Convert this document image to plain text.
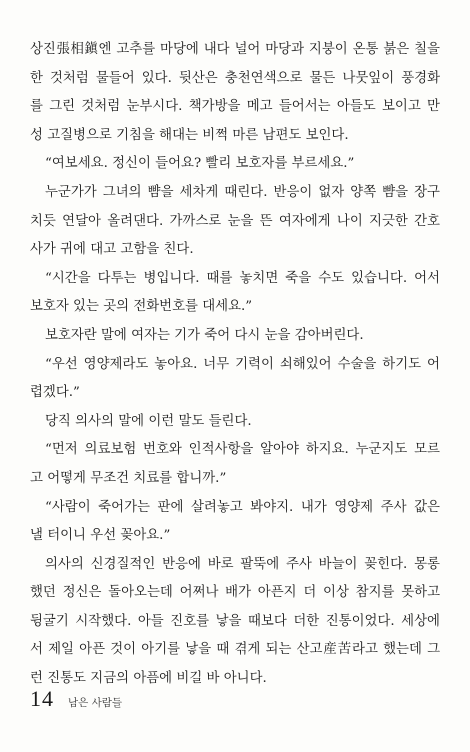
상진張相鎭엔 고추를 마당에 내다 널어 마당과 지붕이 온통 붉은 칠을
한 것처럼 물들어 있다. 뒷산은 충천연색으로 물든 나뭇잎이 풍경화
를 그린 것처럼 눈부시다. 책가방을 메고 들어서는 아들도 보이고 만
성 고질병으로 기침을 해대는 비쩍 마른 남편도 보인다.
“여보세요. 정신이 들어요? 빨리 보호자를 부르세요.”
누군가가 그녀의 뺨을 세차게 때린다. 반응이 없자 양쪽 뺨을 장구
치듯 연달아 올려댄다. 가까스로 눈을 뜬 여자에게 나이 지긋한 간호
사가 귀에 대고 고함을 친다.
“시간을 다투는 병입니다. 때를 놓치면 죽을 수도 있습니다. 어서
보호자 있는 곳의 전화번호를 대세요.”
보호자란 말에 여자는 기가 죽어 다시 눈을 감아버린다.
“우선 영양제라도 놓아요. 너무 기력이 쇠해있어 수술을 하기도 어
렵겠다.”
당직 의사의 말에 이런 말도 들린다.
“먼저 의료보험 번호와 인적사항을 알아야 하지요. 누군지도 모르
고 어떻게 무조건 치료를 합니까.”
“사람이 죽어가는 판에 살려놓고 봐야지. 내가 영양제 주사 값은
낼 터이니 우선 꽂아요.”
의사의 신경질적인 반응에 바로 팔뚝에 주사 바늘이 꽂힌다. 몽롱
했던 정신은 돌아오는데 어쩌나 배가 아픈지 더 이상 참지를 못하고
뒹굴기 시작했다. 아들 진호를 낳을 때보다 더한 진통이었다. 세상에
서 제일 아픈 것이 아기를 낳을 때 겪게 되는 산고産苦라고 했는데 그
런 진통도 지금의 아픔에 비길 바 아니다.
14 남은 사람들
